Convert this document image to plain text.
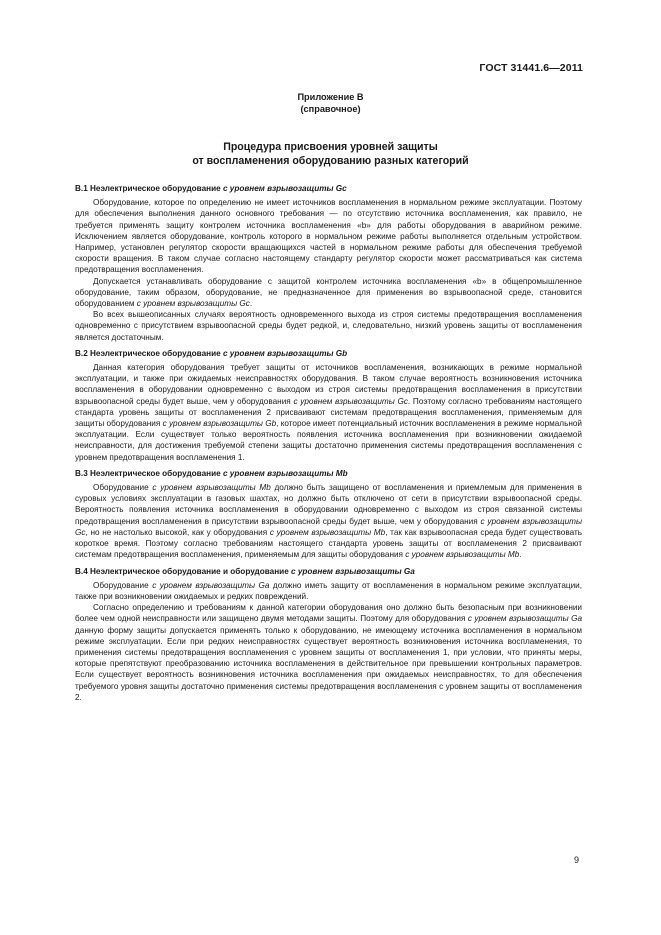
ГОСТ 31441.6—2011
Приложение В
(справочное)
Процедура присвоения уровней защиты
от воспламенения оборудованию разных категорий
В.1 Неэлектрическое оборудование с уровнем взрывозащиты Gc

Оборудование, которое по определению не имеет источников воспламенения в нормальном режиме эксплуатации. Поэтому для обеспечения выполнения данного основного требования — по отсутствию источника воспламенения, как правило, не требуется применять защиту контролем источника воспламенения «b» для работы оборудования в аварийном режиме. Исключением является оборудование, контроль которого в нормальном режиме работы выполняется отдельным устройством. Например, установлен регулятор скорости вращающихся частей в нормальном режиме работы для обеспечения требуемой скорости вращения. В таком случае согласно настоящему стандарту регулятор скорости может рассматриваться как система предотвращения воспламенения.

Допускается устанавливать оборудование с защитой контролем источника воспламенения «b» в общепромышленное оборудование, таким образом, оборудование, не предназначенное для применения во взрывоопасной среде, становится оборудованием с уровнем взрывозащиты Gc.

Во всех вышеописанных случаях вероятность одновременного выхода из строя системы предотвращения воспламенения одновременно с присутствием взрывоопасной среды будет редкой, и, следовательно, низкий уровень защиты от воспламенения является достаточным.

В.2 Неэлектрическое оборудование с уровнем взрывозащиты Gb

Данная категория оборудования требует защиты от источников воспламенения, возникающих в режиме нормальной эксплуатации, и также при ожидаемых неисправностях оборудования. В таком случае вероятность возникновения источника воспламенения в оборудовании одновременно с выходом из строя системы предотвращения воспламенения в присутствии взрывоопасной среды будет выше, чем у оборудования с уровнем взрывозащиты Gc. Поэтому согласно требованиям настоящего стандарта уровень защиты от воспламенения 2 присваивают системам предотвращения воспламенения, применяемым для защиты оборудования с уровнем взрывозащиты Gb, которое имеет потенциальный источник воспламенения в режиме нормальной эксплуатации. Если существует только вероятность появления источника воспламенения при возникновении ожидаемой неисправности, для достижения требуемой степени защиты достаточно применения системы предотвращения воспламенения с уровнем предотвращения воспламенения 1.

В.3 Неэлектрическое оборудование с уровнем взрывозащиты Mb

Оборудование с уровнем взрывозащиты Mb должно быть защищено от воспламенения и приемлемым для применения в суровых условиях эксплуатации в газовых шахтах, но должно быть отключено от сети в присутствии взрывоопасной среды. Вероятность появления источника воспламенения в оборудовании одновременно с выходом из строя связанной системы предотвращения воспламенения в присутствии взрывоопасной среды будет выше, чем у оборудования с уровнем взрывозащиты Gc, но не настолько высокой, как у оборудования с уровнем взрывозащиты Mb, так как взрывоопасная среда будет существовать короткое время. Поэтому согласно требованиям настоящего стандарта уровень защиты от воспламенения 2 присваивают системам предотвращения воспламенения, применяемым для защиты оборудования с уровнем взрывозащиты Mb.

В.4 Неэлектрическое оборудование и оборудование с уровнем взрывозащиты Ga

Оборудование с уровнем взрывозащиты Ga должно иметь защиту от воспламенения в нормальном режиме эксплуатации, также при возникновении ожидаемых и редких повреждений.

Согласно определению и требованиям к данной категории оборудования оно должно быть безопасным при возникновении более чем одной неисправности или защищено двумя методами защиты. Поэтому для оборудования с уровнем взрывозащиты Ga данную форму защиты допускается применять только к оборудованию, не имеющему источника воспламенения в нормальном режиме эксплуатации. Если при редких неисправностях существует вероятность возникновения источника воспламенения, то применения системы предотвращения воспламенения с уровнем защиты от воспламенения 1, при условии, что приняты меры, которые препятствуют преобразованию источника воспламенения в действительное при превышении контрольных параметров. Если существует вероятность возникновения источника воспламенения при ожидаемых неисправностях, то для обеспечения требуемого уровня защиты достаточно применения системы предотвращения воспламенения с уровнем защиты от воспламенения 2.

9
